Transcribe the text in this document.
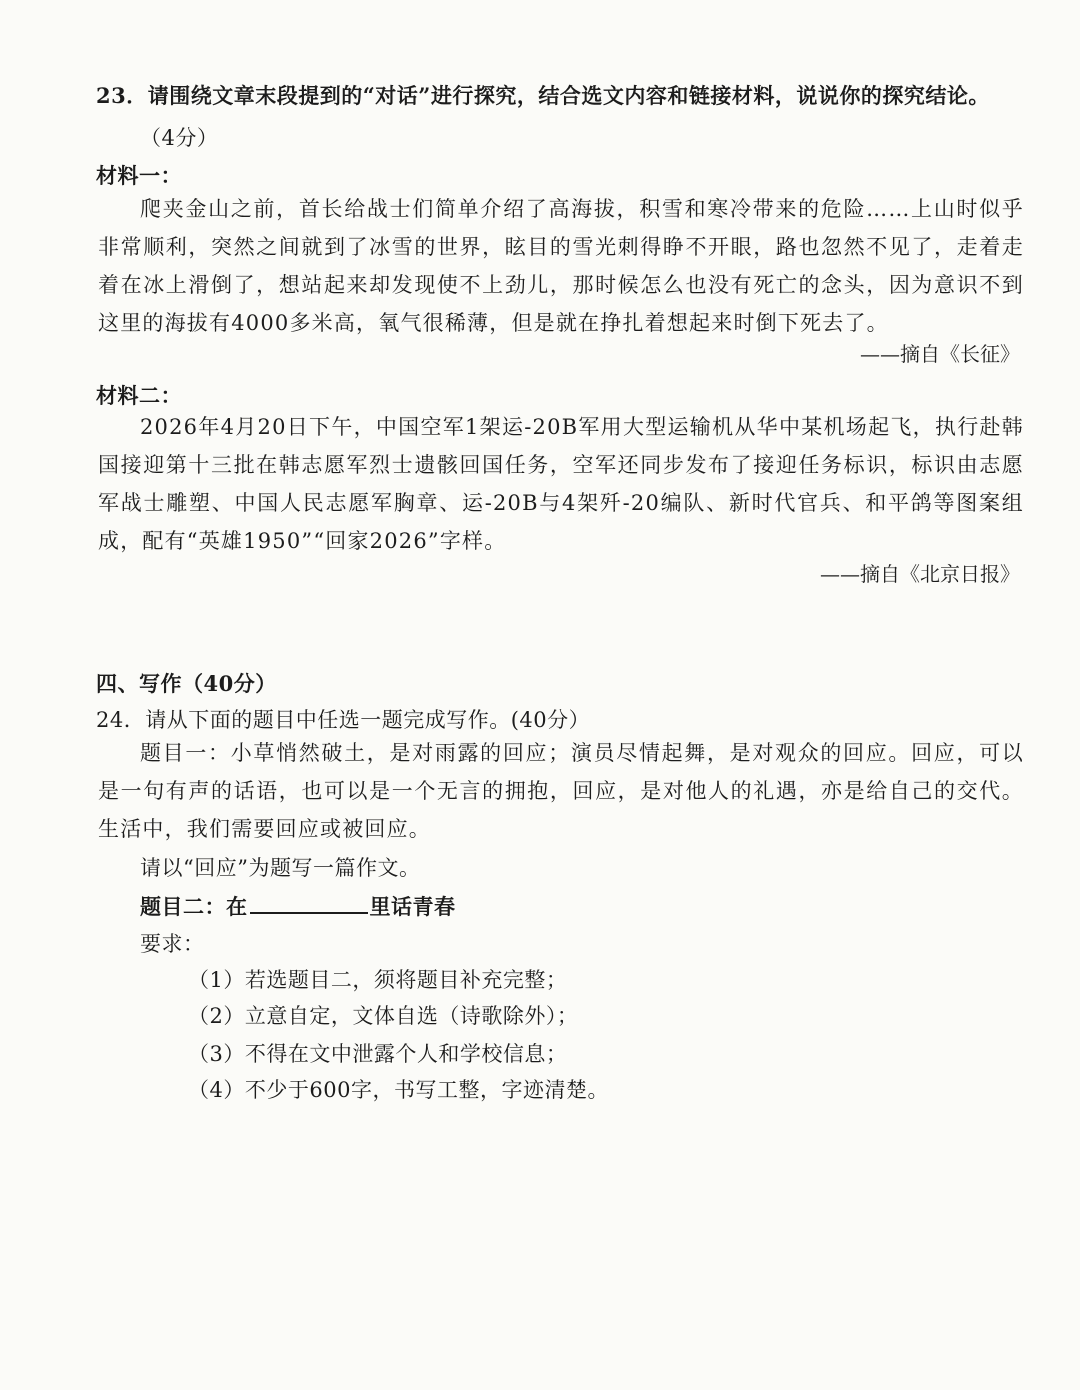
23．请围绕文章末段提到的“对话”进行探究，结合选文内容和链接材料，说说你的探究结论。
（4分）
材料一：
爬夹金山之前，首长给战士们简单介绍了高海拔，积雪和寒冷带来的危险……上山时似乎非常顺利，突然之间就到了冰雪的世界，眩目的雪光刺得睁不开眼，路也忽然不见了，走着走着在冰上滑倒了，想站起来却发现使不上劲儿，那时候怎么也没有死亡的念头，因为意识不到这里的海拔有4000多米高，氧气很稀薄，但是就在挣扎着想起来时倒下死去了。
——摘自《长征》
材料二：
2026年4月20日下午，中国空军1架运-20B军用大型运输机从华中某机场起飞，执行赴韩国接迎第十三批在韩志愿军烈士遗骸回国任务，空军还同步发布了接迎任务标识，标识由志愿军战士雕塑、中国人民志愿军胸章、运-20B与4架歼-20编队、新时代官兵、和平鸽等图案组成，配有“英雄1950”“回家2026”字样。
——摘自《北京日报》
四、写作（40分）
24．请从下面的题目中任选一题完成写作。(40分）
题目一：小草悄然破土，是对雨露的回应；演员尽情起舞，是对观众的回应。回应，可以是一句有声的话语，也可以是一个无言的拥抱，回应，是对他人的礼遇，亦是给自己的交代。生活中，我们需要回应或被回应。
请以“回应”为题写一篇作文。
题目二：在	里话青春
要求：
（1）若选题目二，须将题目补充完整；
（2）立意自定，文体自选（诗歌除外）；
（3）不得在文中泄露个人和学校信息；
（4）不少于600字，书写工整，字迹清楚。
